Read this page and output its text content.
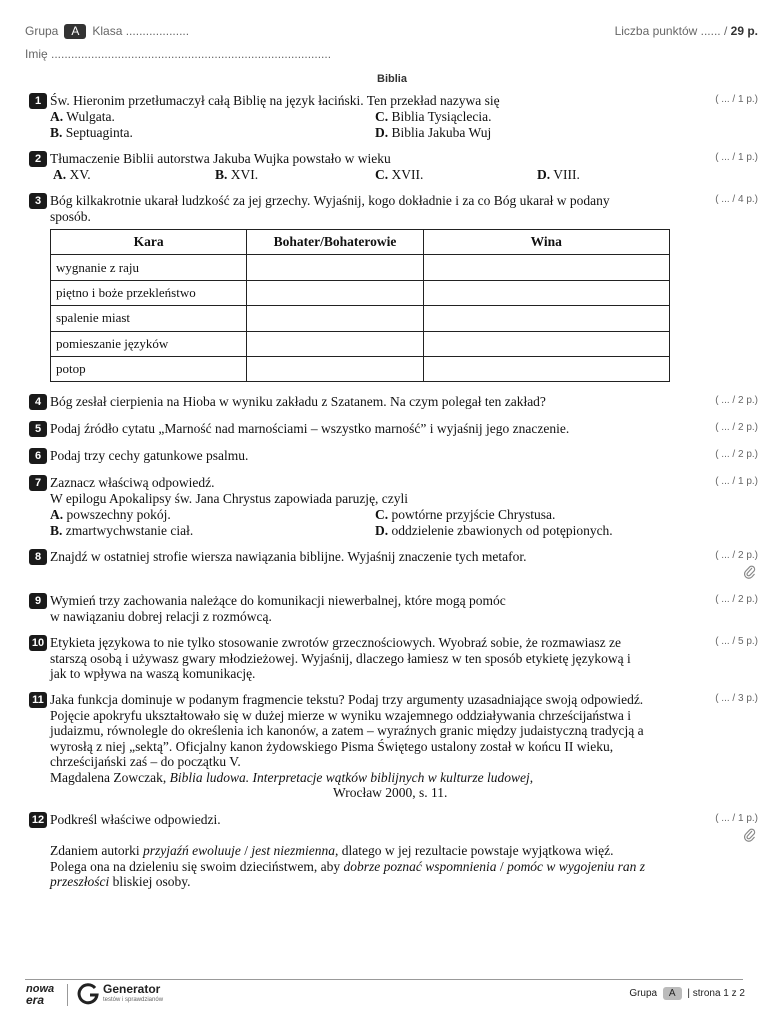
Grupa A Klasa ...................	Liczba punktów ...... / 29 p.
Imię ....................................................................................
Biblia
1 Św. Hieronim przetłumaczył całą Biblię na język łaciński. Ten przekład nazywa się	( ... / 1 p.)
A. Wulgata.	C. Biblia Tysiąclecia.
B. Septuaginta.	D. Biblia Jakuba Wuj
2 Tłumaczenie Biblii autorstwa Jakuba Wujka powstało w wieku	( ... / 1 p.)
A. XV.	B. XVI.	C. XVII.	D. VIII.
3 Bóg kilkakrotnie ukarał ludzkość za jej grzechy. Wyjaśnij, kogo dokładnie i za co Bóg ukarał w podany
sposób.
( ... / 4 p.)
Kara	Bohater/Bohaterowie	Wina
wygnanie z raju		
piętno i boże przekleństwo		
spalenie miast		
pomieszanie języków		
potop		
4 Bóg zesłał cierpienia na Hioba w wyniku zakładu z Szatanem. Na czym polegał ten zakład?	( ... / 2 p.)
5 Podaj źródło cytatu „Marność nad marnościami – wszystko marność” i wyjaśnij jego znaczenie.	( ... / 2 p.)
6 Podaj trzy cechy gatunkowe psalmu.	( ... / 2 p.)
7 Zaznacz właściwą odpowiedź.
W epilogu Apokalipsy św. Jana Chrystus zapowiada paruzję, czyli
( ... / 1 p.)
A. powszechny pokój.	C. powtórne przyjście Chrystusa.
B. zmartwychwstanie ciał.	D. oddzielenie zbawionych od potępionych.
8 Znajdź w ostatniej strofie wiersza nawiązania biblijne. Wyjaśnij znaczenie tych metafor.	( ... / 2 p.)
9 Wymień trzy zachowania należące do komunikacji niewerbalnej, które mogą pomóc
w nawiązaniu dobrej relacji z rozmówcą.
( ... / 2 p.)
10 Etykieta językowa to nie tylko stosowanie zwrotów grzecznościowych. Wyobraź sobie, że rozmawiasz ze
starszą osobą i używasz gwary młodzieżowej. Wyjaśnij, dlaczego łamiesz w ten sposób etykietę językową i
jak to wpływa na waszą komunikację.
( ... / 5 p.)
11 Jaka funkcja dominuje w podanym fragmencie tekstu? Podaj trzy argumenty uzasadniające swoją odpowiedź.
Pojęcie apokryfu ukształtowało się w dużej mierze w wyniku wzajemnego oddziaływania chrześcijaństwa i
judaizmu, równolegle do określenia ich kanonów, a zatem – wyraźnych granic między judaistyczną tradycją a
wyrosłą z niej „sektą”. Oficjalny kanon żydowskiego Pisma Świętego ustalony został w końcu II wieku,
chrześcijański zaś – do początku V.
Magdalena Zowczak, Biblia ludowa. Interpretacje wątków biblijnych w kulturze ludowej,
Wrocław 2000, s. 11.
( ... / 3 p.)
12 Podkreśl właściwe odpowiedzi.	( ... / 1 p.)
Zdaniem autorki przyjaźń ewoluuje / jest niezmienna, dlatego w jej rezultacie powstaje wyjątkowa więź.
Polega ona na dzieleniu się swoim dzieciństwem, aby dobrze poznać wspomnienia / pomóc w wygojeniu ran z
przeszłości bliskiej osoby.
nowa
era
Generator
testów i sprawdzianów
Grupa A | strona 1 z 2
